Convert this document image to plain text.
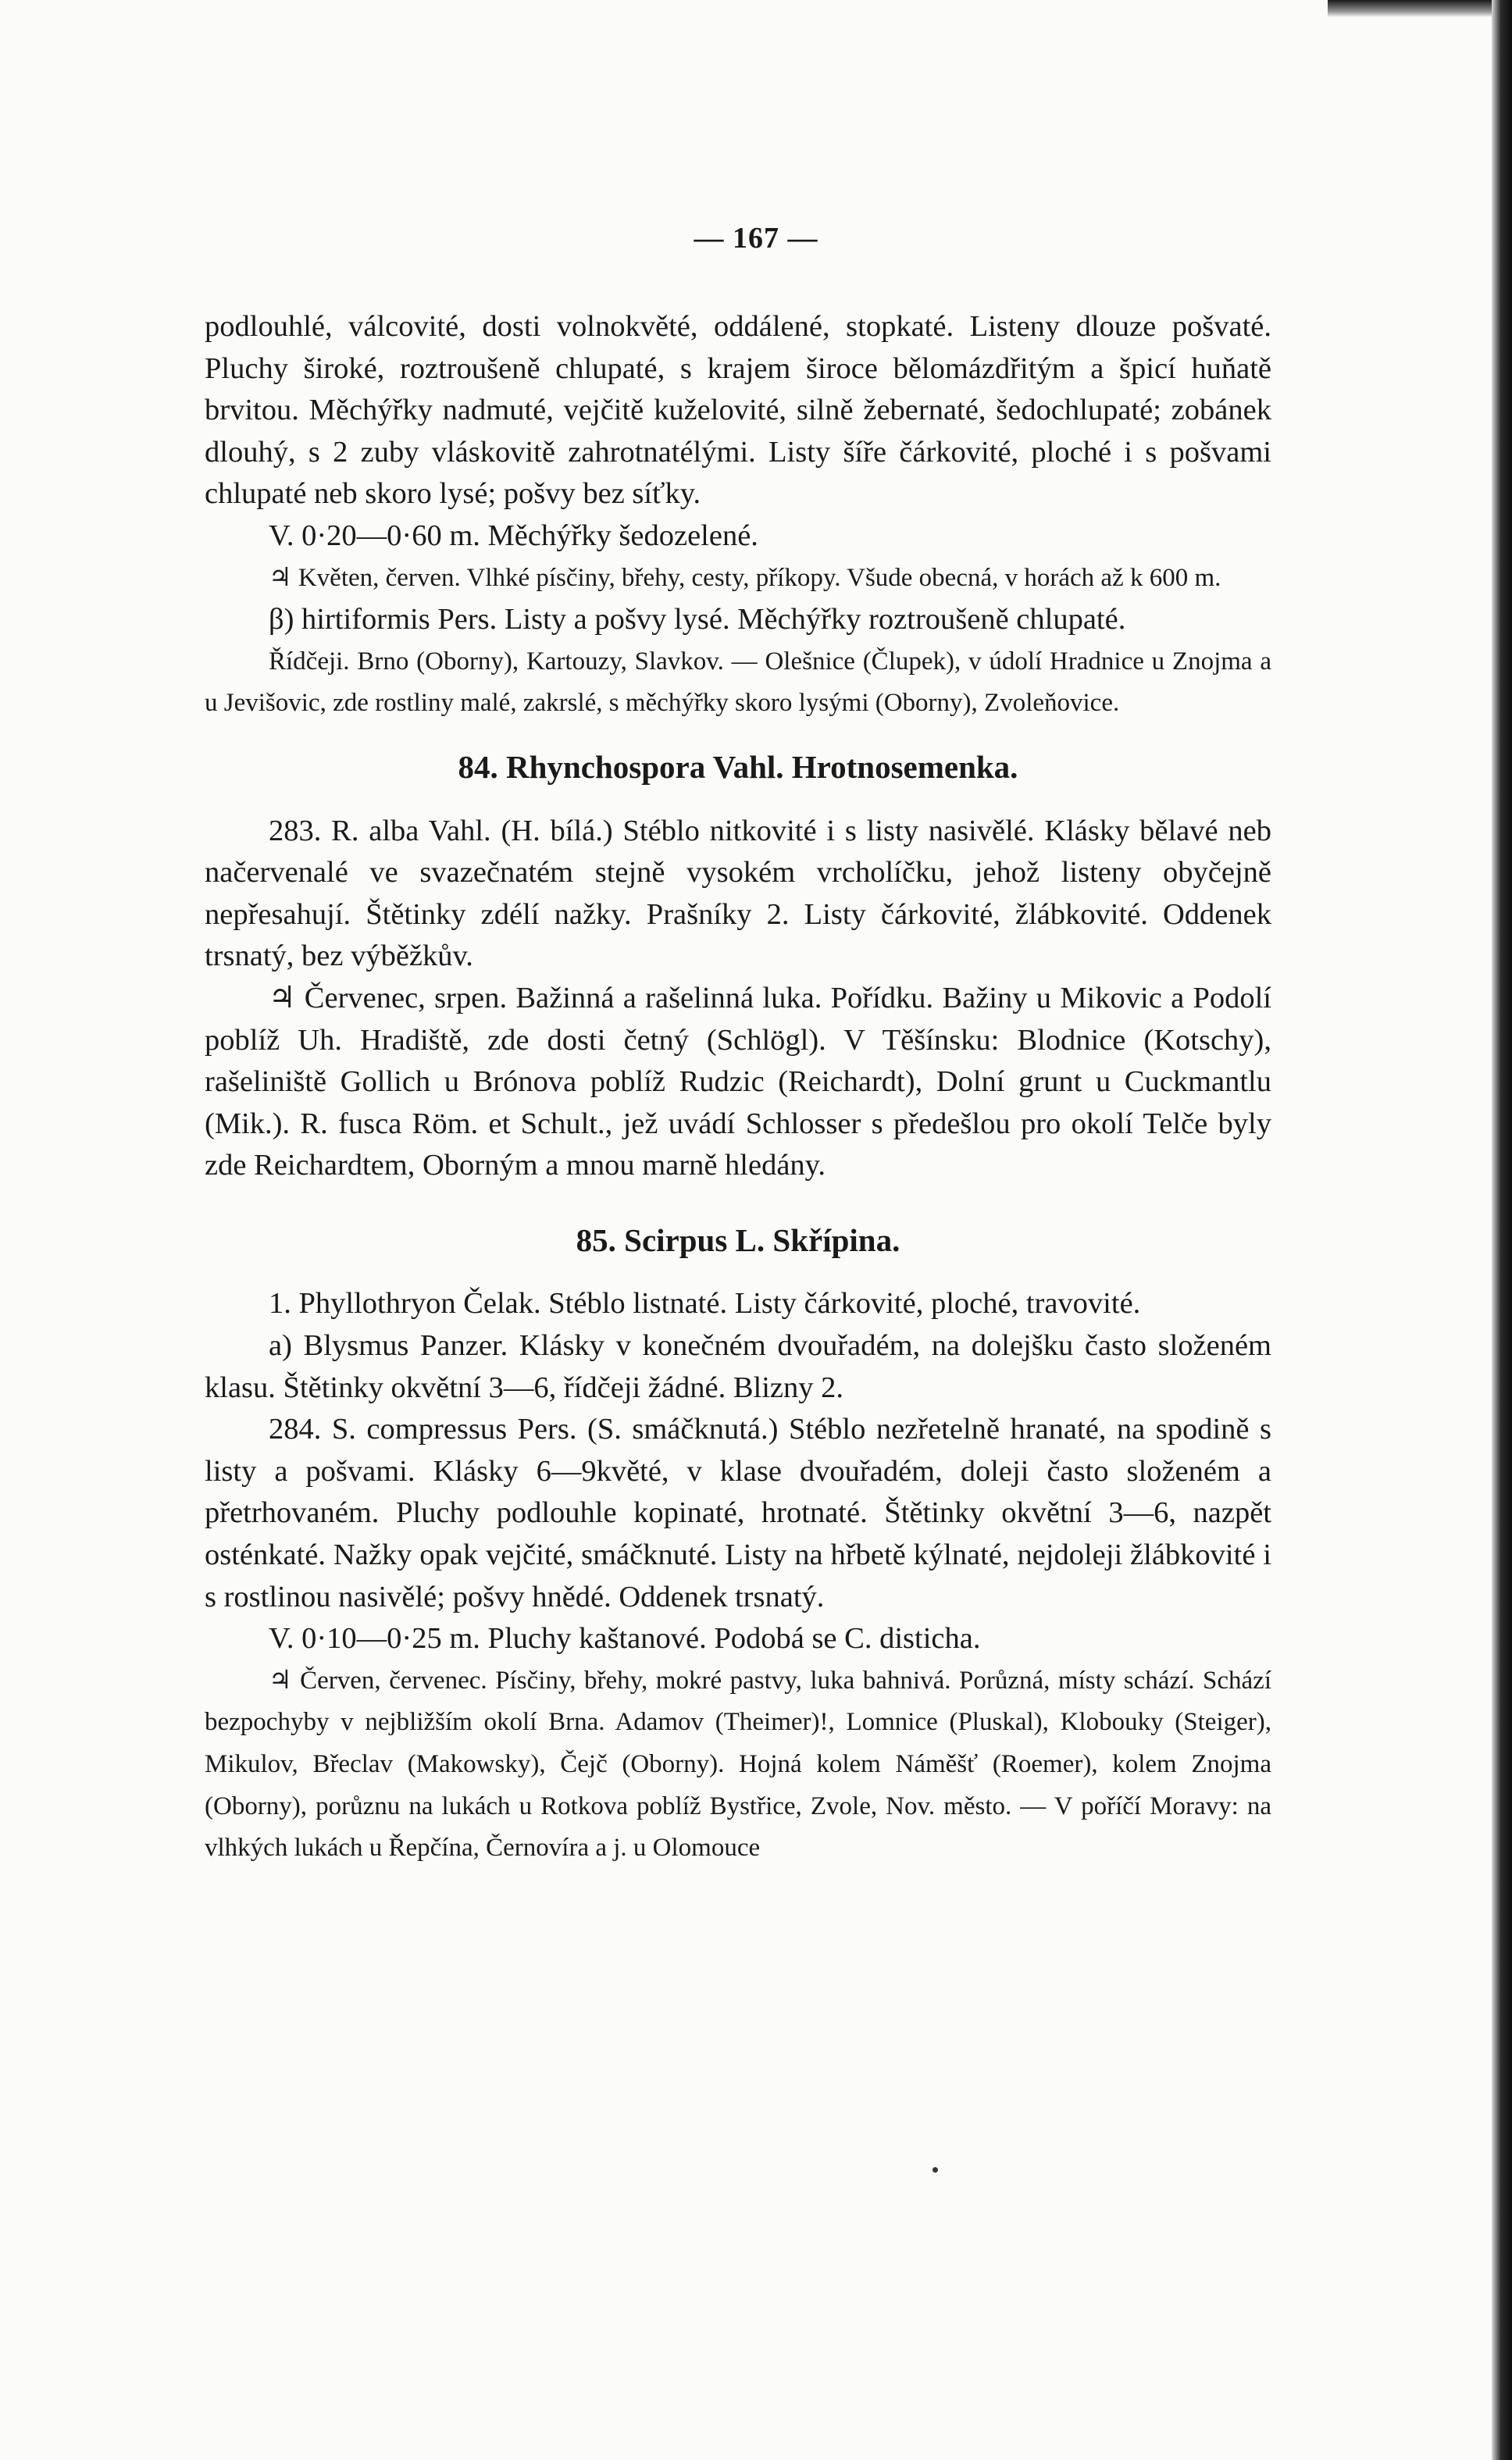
— 167 —

podlouhlé, válcovité, dosti volnokvěté, oddálené, stopkaté. Listeny dlouze pošvaté. Pluchy široké, roztroušeně chlupaté, s krajem široce bělomázdřitým a špicí huňatě brvitou. Měchýřky nadmuté, vejčitě kuželovité, silně žebernaté, šedochlupaté; zobánek dlouhý, s 2 zuby vláskovitě zahrotnatélými. Listy šíře čárkovité, ploché i s pošvami chlupaté neb skoro lysé; pošvy bez síťky.

V. 0·20—0·60 m. Měchýřky šedozelené.

♃ Květen, červen. Vlhké písčiny, břehy, cesty, příkopy. Všude obecná, v horách až k 600 m.

β) hirtiformis Pers. Listy a pošvy lysé. Měchýřky roztroušeně chlupaté.

Řídčeji. Brno (Oborny), Kartouzy, Slavkov. — Olešnice (Člupek), v údolí Hradnice u Znojma a u Jevišovic, zde rostliny malé, zakrslé, s měchýřky skoro lysými (Oborny), Zvoleňovice.

84. Rhynchospora Vahl. Hrotnosemenka.

283. R. alba Vahl. (H. bílá.) Stéblo nitkovité i s listy nasivělé. Klásky bělavé neb načervenalé ve svazečnatém stejně vysokém vrcholíčku, jehož listeny obyčejně nepřesahují. Štětinky zdélí nažky. Prašníky 2. Listy čárkovité, žlábkovité. Oddenek trsnatý, bez výběžkův.

♃ Červenec, srpen. Bažinná a rašelinná luka. Pořídku. Bažiny u Mikovic a Podolí poblíž Uh. Hradiště, zde dosti četný (Schlögl). V Těšínsku: Blodnice (Kotschy), rašeliniště Gollich u Brónova poblíž Rudzic (Reichardt), Dolní grunt u Cuckmantlu (Mik.). R. fusca Röm. et Schult., jež uvádí Schlosser s předešlou pro okolí Telče byly zde Reichardtem, Oborným a mnou marně hledány.

85. Scirpus L. Skřípina.

1. Phyllothryon Čelak. Stéblo listnaté. Listy čárkovité, ploché, travovité.

a) Blysmus Panzer. Klásky v konečném dvouřadém, na dolejšku často složeném klasu. Štětinky okvětní 3—6, řídčeji žádné. Blizny 2.

284. S. compressus Pers. (S. smáčknutá.) Stéblo nezřetelně hranaté, na spodině s listy a pošvami. Klásky 6—9květé, v klase dvouřadém, doleji často složeném a přetrhovaném. Pluchy podlouhle kopinaté, hrotnaté. Štětinky okvětní 3—6, nazpět osténkaté. Nažky opak vejčité, smáčknuté. Listy na hřbetě kýlnaté, nejdoleji žlábkovité i s rostlinou nasivělé; pošvy hnědé. Oddenek trsnatý.

V. 0·10—0·25 m. Pluchy kaštanové. Podobá se C. disticha.

♃ Červen, červenec. Písčiny, břehy, mokré pastvy, luka bahnivá. Porůzná, místy schází. Schází bezpochyby v nejbližším okolí Brna. Adamov (Theimer)!, Lomnice (Pluskal), Klobouky (Steiger), Mikulov, Břeclav (Makowsky), Čejč (Oborny). Hojná kolem Náměšť (Roemer), kolem Znojma (Oborny), porůznu na lukách u Rotkova poblíž Bystřice, Zvole, Nov. město. — V poříčí Moravy: na vlhkých lukách u Řepčína, Černovíra a j. u Olomouce
